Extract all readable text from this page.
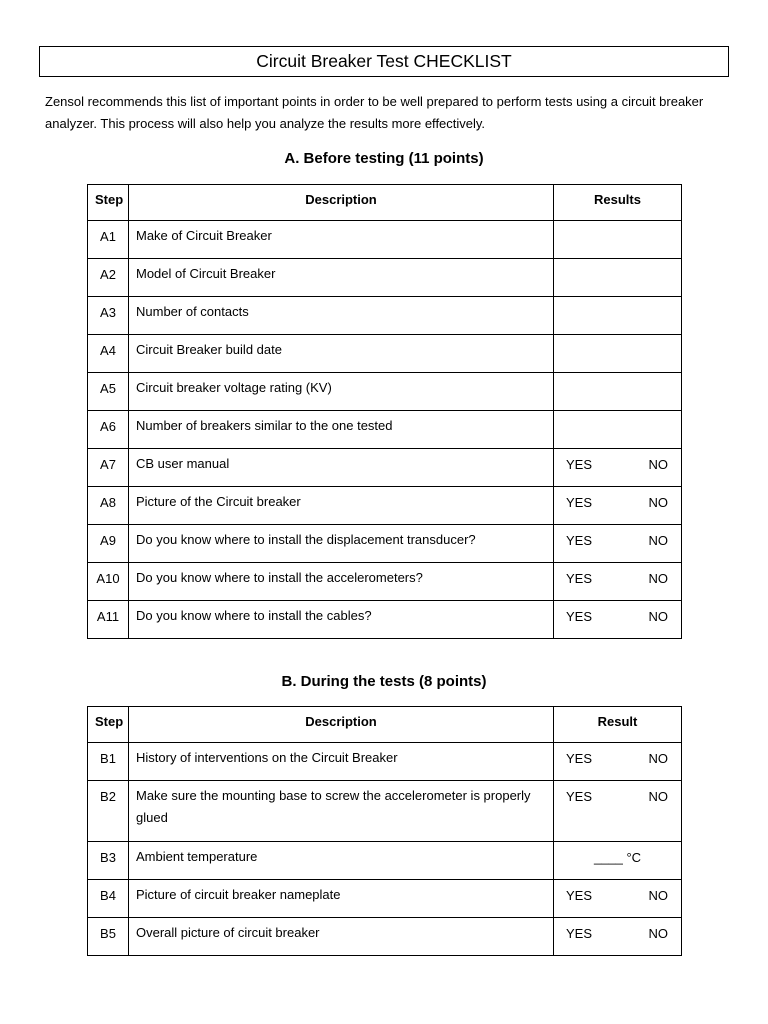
Circuit Breaker Test CHECKLIST
Zensol recommends this list of important points in order to be well prepared to perform tests using a circuit breaker analyzer. This process will also help you analyze the results more effectively.
A. Before testing (11 points)
Step	Description	Results
A1	Make of Circuit Breaker	
A2	Model of Circuit Breaker	
A3	Number of contacts	
A4	Circuit Breaker build date	
A5	Circuit breaker voltage rating (KV)	
A6	Number of breakers similar to the one tested	
A7	CB user manual	YES NO

A8	Picture of the Circuit breaker	YES NO

A9	Do you know where to install the displacement transducer?	YES NO

A10	Do you know where to install the accelerometers?	YES NO

A11	Do you know where to install the cables?	YES NO
B. During the tests (8 points)
Step	Description	Result
B1	History of interventions on the Circuit Breaker	YES NO

B2	Make sure the mounting base to screw the accelerometer is properly glued	YES NO

B3	Ambient temperature	____ °C

B4	Picture of circuit breaker nameplate	YES NO

B5	Overall picture of circuit breaker	YES NO
